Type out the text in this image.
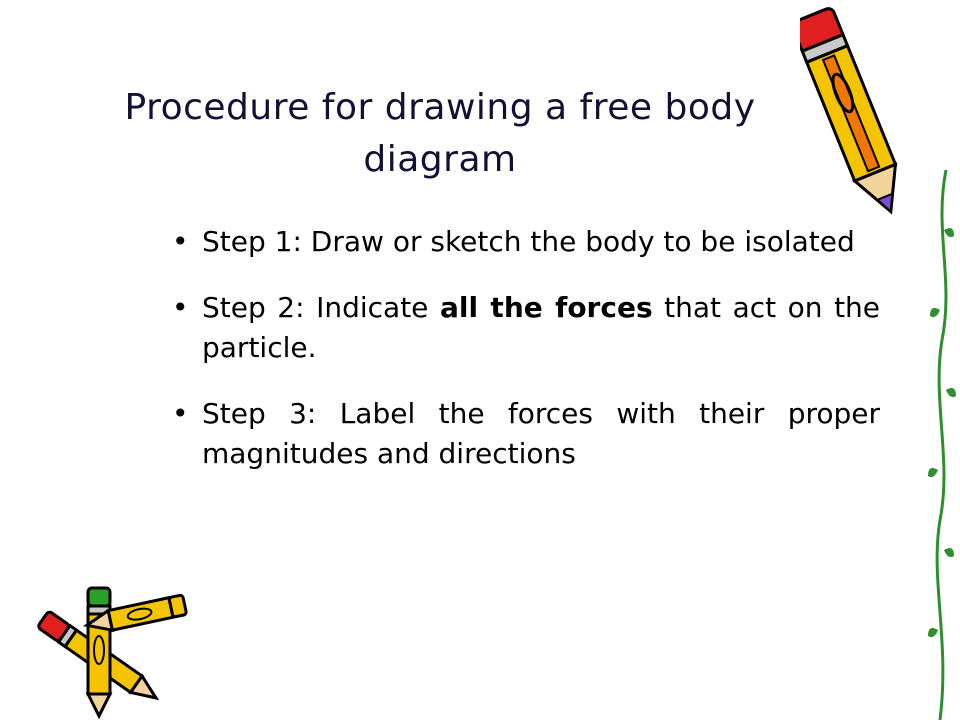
Procedure for drawing a free body diagram
• Step 1: Draw or sketch the body to be isolated
• Step 2: Indicate all the forces that act on the particle.
• Step 3: Label the forces with their proper magnitudes and directions
